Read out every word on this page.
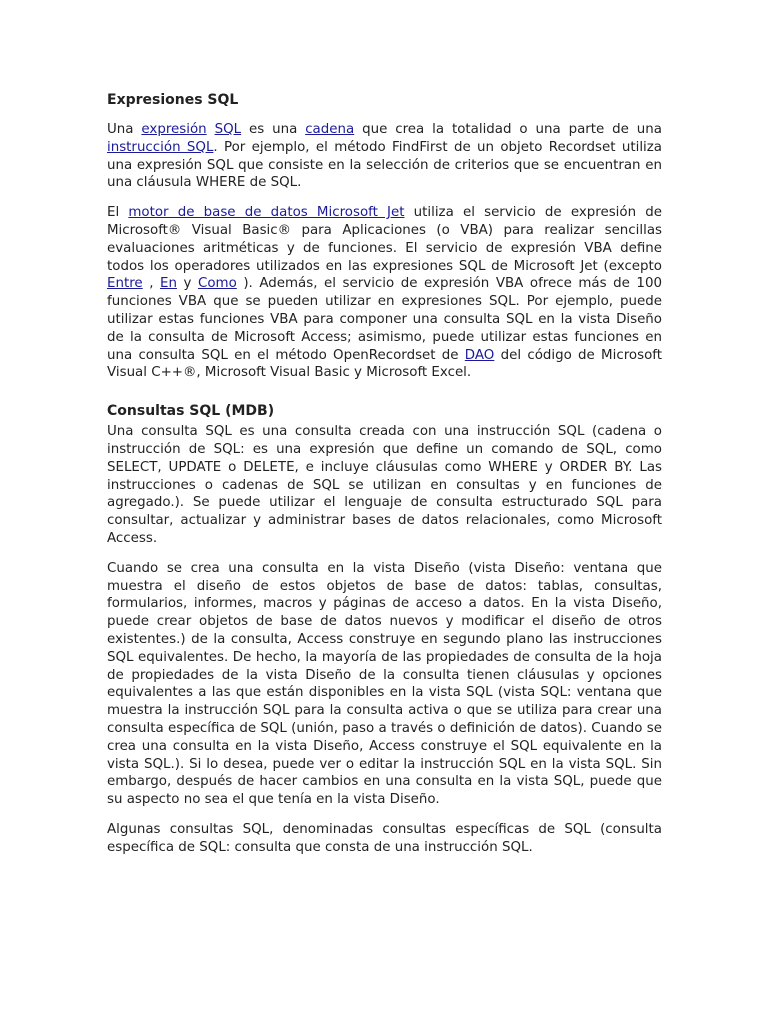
Expresiones SQL

Una expresión SQL es una cadena que crea la totalidad o una parte de una instrucción SQL. Por ejemplo, el método FindFirst de un objeto Recordset utiliza una expresión SQL que consiste en la selección de criterios que se encuentran en una cláusula WHERE de SQL.

El motor de base de datos Microsoft Jet utiliza el servicio de expresión de Microsoft® Visual Basic® para Aplicaciones (o VBA) para realizar sencillas evaluaciones aritméticas y de funciones. El servicio de expresión VBA define todos los operadores utilizados en las expresiones SQL de Microsoft Jet (excepto Entre , En y Como ). Además, el servicio de expresión VBA ofrece más de 100 funciones VBA que se pueden utilizar en expresiones SQL. Por ejemplo, puede utilizar estas funciones VBA para componer una consulta SQL en la vista Diseño de la consulta de Microsoft Access; asimismo, puede utilizar estas funciones en una consulta SQL en el método OpenRecordset de DAO del código de Microsoft Visual C++®, Microsoft Visual Basic y Microsoft Excel.

Consultas SQL (MDB)

Una consulta SQL es una consulta creada con una instrucción SQL (cadena o instrucción de SQL: es una expresión que define un comando de SQL, como SELECT, UPDATE o DELETE, e incluye cláusulas como WHERE y ORDER BY. Las instrucciones o cadenas de SQL se utilizan en consultas y en funciones de agregado.). Se puede utilizar el lenguaje de consulta estructurado SQL para consultar, actualizar y administrar bases de datos relacionales, como Microsoft Access.

Cuando se crea una consulta en la vista Diseño (vista Diseño: ventana que muestra el diseño de estos objetos de base de datos: tablas, consultas, formularios, informes, macros y páginas de acceso a datos. En la vista Diseño, puede crear objetos de base de datos nuevos y modificar el diseño de otros existentes.) de la consulta, Access construye en segundo plano las instrucciones SQL equivalentes. De hecho, la mayoría de las propiedades de consulta de la hoja de propiedades de la vista Diseño de la consulta tienen cláusulas y opciones equivalentes a las que están disponibles en la vista SQL (vista SQL: ventana que muestra la instrucción SQL para la consulta activa o que se utiliza para crear una consulta específica de SQL (unión, paso a través o definición de datos). Cuando se crea una consulta en la vista Diseño, Access construye el SQL equivalente en la vista SQL.). Si lo desea, puede ver o editar la instrucción SQL en la vista SQL. Sin embargo, después de hacer cambios en una consulta en la vista SQL, puede que su aspecto no sea el que tenía en la vista Diseño.

Algunas consultas SQL, denominadas consultas específicas de SQL (consulta específica de SQL: consulta que consta de una instrucción SQL.
